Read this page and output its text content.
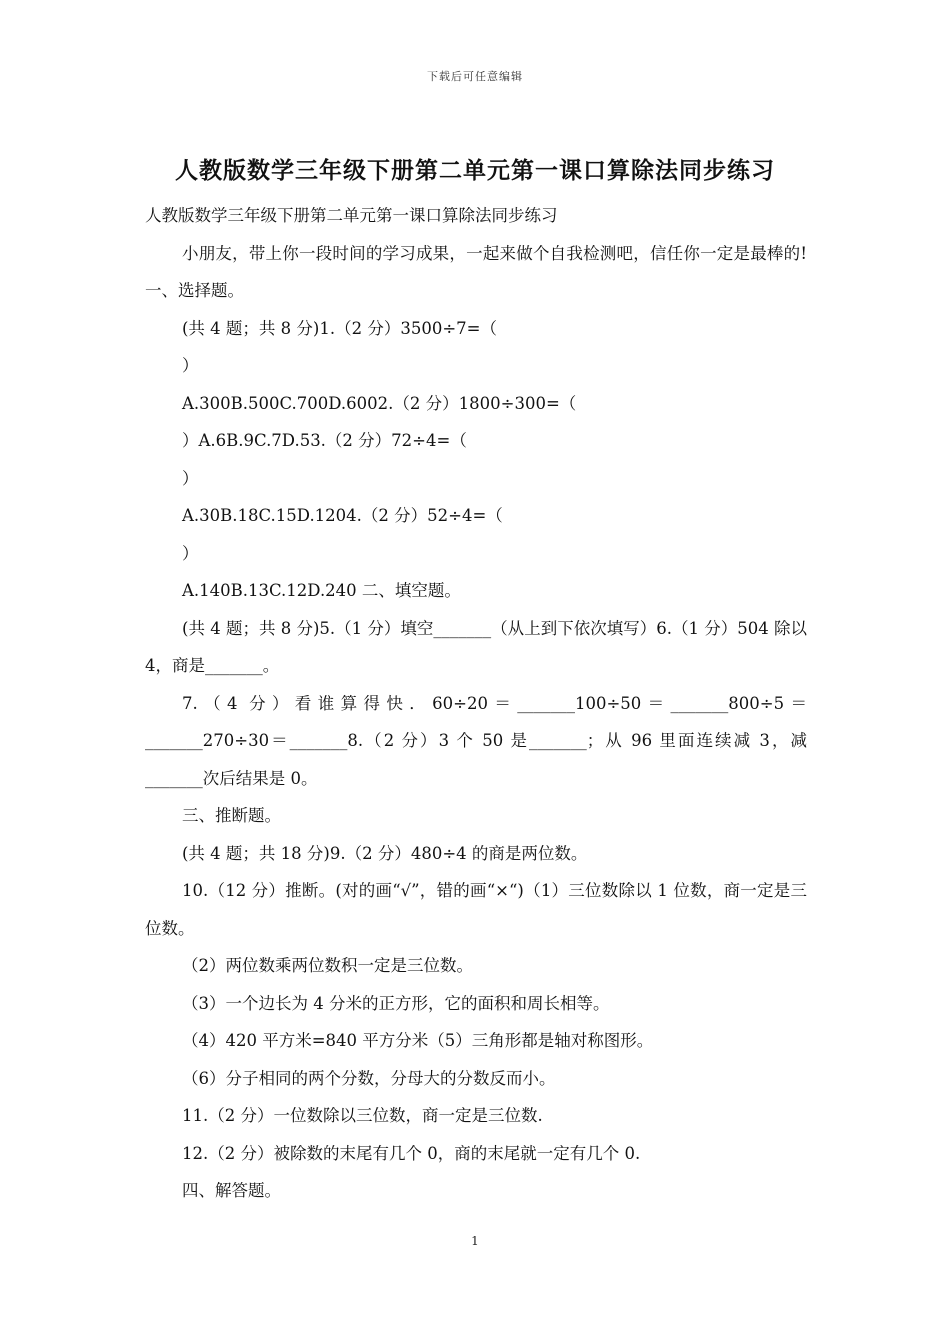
下载后可任意编辑
人教版数学三年级下册第二单元第一课口算除法同步练习

人教版数学三年级下册第二单元第一课口算除法同步练习

小朋友，带上你一段时间的学习成果，一起来做个自我检测吧，信任你一定是最棒的!一、选择题。

(共 4 题；共 8 分)1.（2 分）3500÷7=（

）

A.300B.500C.700D.6002.（2 分）1800÷300=（

）A.6B.9C.7D.53.（2 分）72÷4=（

）

A.30B.18C.15D.1204.（2 分）52÷4=（

）

A.140B.13C.12D.240 二、填空题。

(共 4 题；共 8 分)5.（1 分）填空_______（从上到下依次填写）6.（1 分）504 除以 4，商是_______。

7.（4 分）看谁算得快．60÷20＝_______100÷50＝_______800÷5＝_______270÷30＝_______8.（2 分）3 个 50 是_______；从 96 里面连续减 3，减_______次后结果是 0。

三、推断题。

(共 4 题；共 18 分)9.（2 分）480÷4 的商是两位数。

10.（12 分）推断。(对的画“√”，错的画“×“)（1）三位数除以 1 位数，商一定是三位数。

（2）两位数乘两位数积一定是三位数。

（3）一个边长为 4 分米的正方形，它的面积和周长相等。

（4）420 平方米=840 平方分米（5）三角形都是轴对称图形。

（6）分子相同的两个分数，分母大的分数反而小。

11.（2 分）一位数除以三位数，商一定是三位数.

12.（2 分）被除数的末尾有几个 0，商的末尾就一定有几个 0.

四、解答题。

1
